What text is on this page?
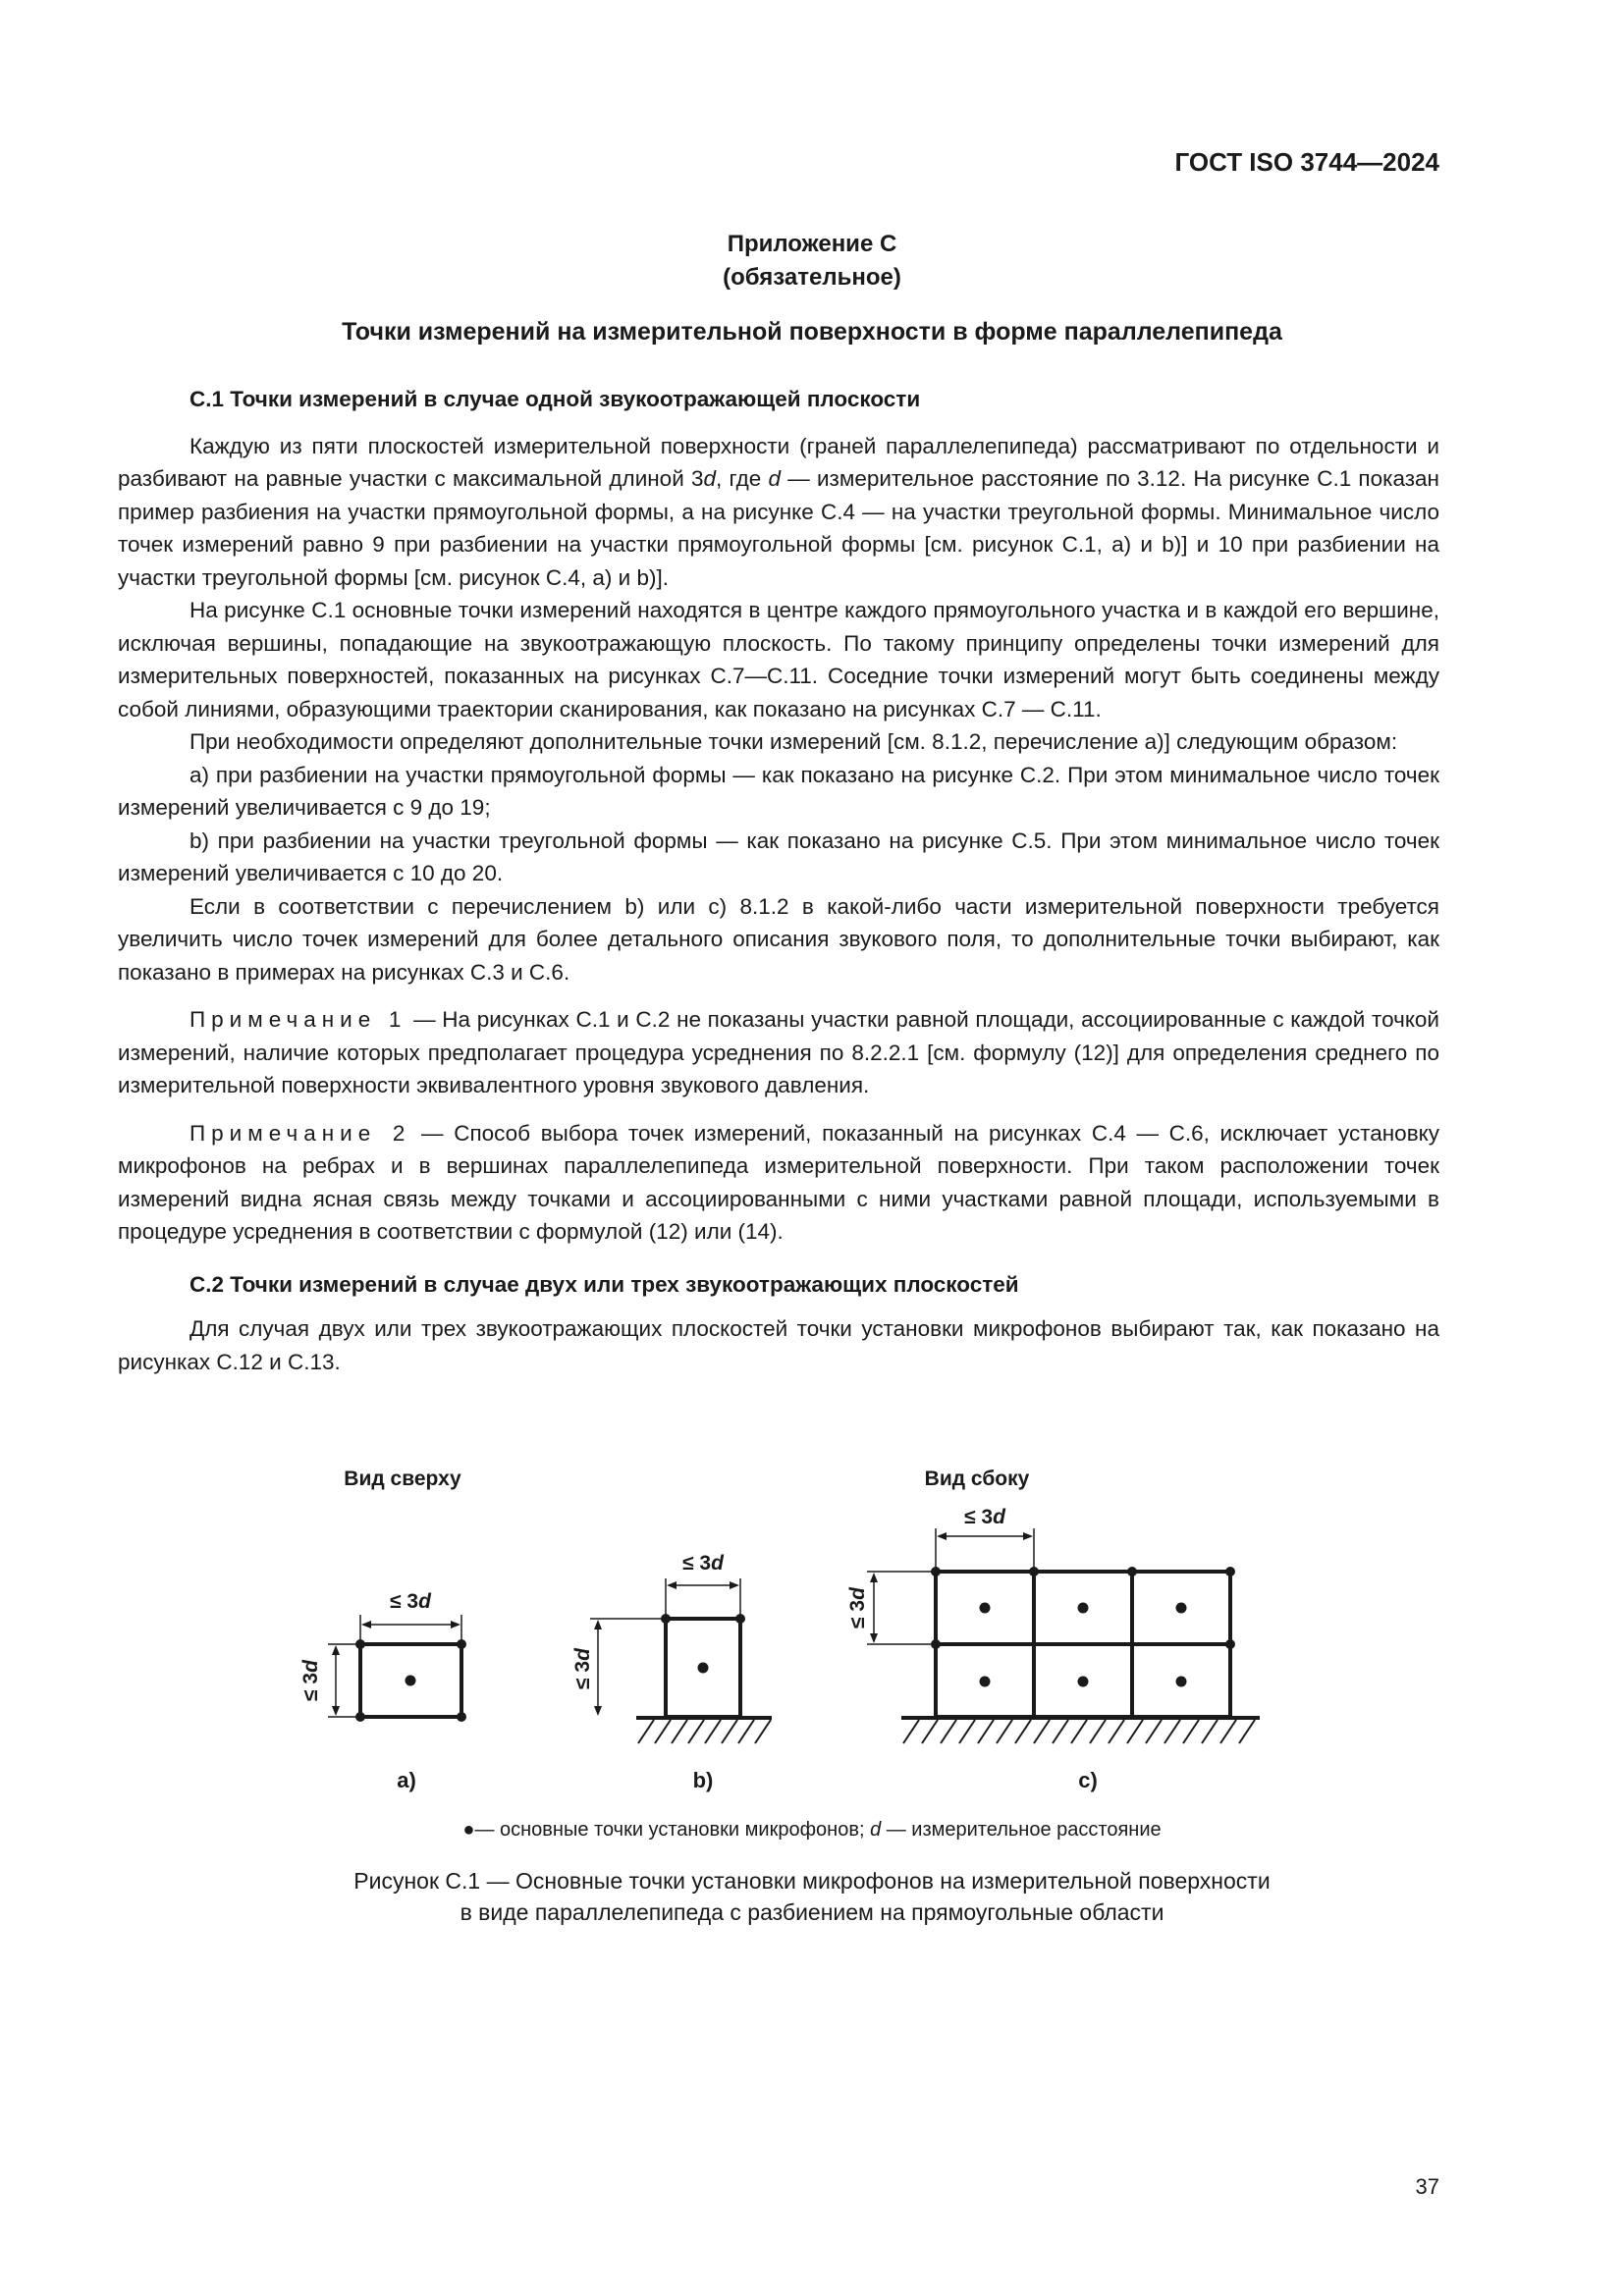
ГОСТ ISO 3744—2024
Приложение С
(обязательное)
Точки измерений на измерительной поверхности в форме параллелепипеда
С.1 Точки измерений в случае одной звукоотражающей плоскости

Каждую из пяти плоскостей измерительной поверхности (граней параллелепипеда) рассматривают по отдельности и разбивают на равные участки с максимальной длиной 3d, где d — измерительное расстояние по 3.12. На рисунке С.1 показан пример разбиения на участки прямоугольной формы, а на рисунке С.4 — на участки треугольной формы. Минимальное число точек измерений равно 9 при разбиении на участки прямоугольной формы [см. рисунок С.1, а) и b)] и 10 при разбиении на участки треугольной формы [см. рисунок С.4, а) и b)].

На рисунке С.1 основные точки измерений находятся в центре каждого прямоугольного участка и в каждой его вершине, исключая вершины, попадающие на звукоотражающую плоскость. По такому принципу определены точки измерений для измерительных поверхностей, показанных на рисунках С.7—С.11. Соседние точки измерений могут быть соединены между собой линиями, образующими траектории сканирования, как показано на рисунках С.7 — С.11.

При необходимости определяют дополнительные точки измерений [см. 8.1.2, перечисление а)] следующим образом:

а) при разбиении на участки прямоугольной формы — как показано на рисунке С.2. При этом минимальное число точек измерений увеличивается с 9 до 19;

b) при разбиении на участки треугольной формы — как показано на рисунке С.5. При этом минимальное число точек измерений увеличивается с 10 до 20.

Если в соответствии с перечислением b) или с) 8.1.2 в какой-либо части измерительной поверхности требуется увеличить число точек измерений для более детального описания звукового поля, то дополнительные точки выбирают, как показано в примерах на рисунках С.3 и С.6.

Примечание 1 — На рисунках С.1 и С.2 не показаны участки равной площади, ассоциированные с каждой точкой измерений, наличие которых предполагает процедура усреднения по 8.2.2.1 [см. формулу (12)] для определения среднего по измерительной поверхности эквивалентного уровня звукового давления.

Примечание 2 — Способ выбора точек измерений, показанный на рисунках С.4 — С.6, исключает установку микрофонов на ребрах и в вершинах параллелепипеда измерительной поверхности. При таком расположении точек измерений видна ясная связь между точками и ассоциированными с ними участками равной площади, используемыми в процедуре усреднения в соответствии с формулой (12) или (14).

С.2 Точки измерений в случае двух или трех звукоотражающих плоскостей

Для случая двух или трех звукоотражающих плоскостей точки установки микрофонов выбирают так, как показано на рисунках С.12 и С.13.

Вид сверху	Вид сбоку
≤ 3d
≤ 3d
≤ 3d
≤ 3d
≤ 3d
≤ 3d
а)	b)	c)
●— основные точки установки микрофонов; d — измерительное расстояние
Рисунок С.1 — Основные точки установки микрофонов на измерительной поверхности
в виде параллелепипеда с разбиением на прямоугольные области
37
